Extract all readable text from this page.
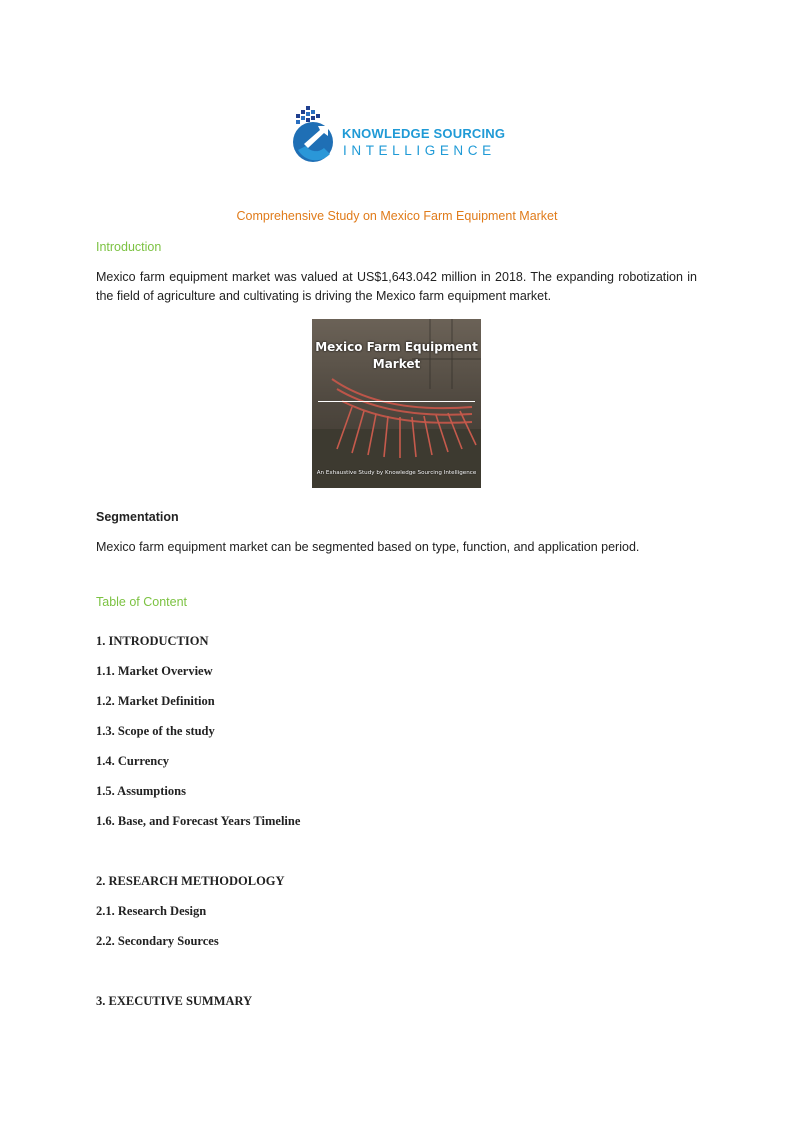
KNOWLEDGE SOURCING
INTELLIGENCE
Comprehensive Study on Mexico Farm Equipment Market
Introduction
Mexico farm equipment market was valued at US$1,643.042 million in 2018. The expanding robotization in the field of agriculture and cultivating is driving the Mexico farm equipment market.
Mexico Farm Equipment Market
An Exhaustive Study by Knowledge Sourcing Intelligence
Segmentation
Mexico farm equipment market can be segmented based on type, function, and application period.
Table of Content
1. INTRODUCTION
1.1. Market Overview
1.2. Market Definition
1.3. Scope of the study
1.4. Currency
1.5. Assumptions
1.6. Base, and Forecast Years Timeline
2. RESEARCH METHODOLOGY
2.1. Research Design
2.2. Secondary Sources
3. EXECUTIVE SUMMARY
